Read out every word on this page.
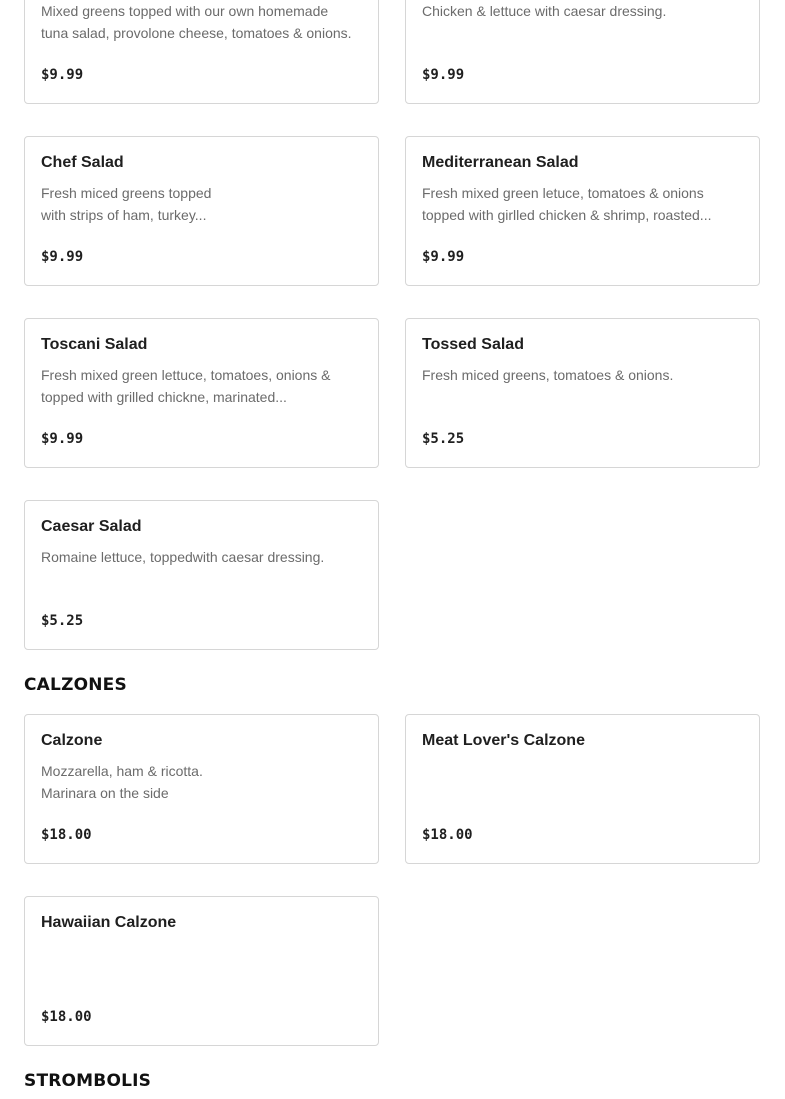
Mixed greens topped with our own homemade
tuna salad, provolone cheese, tomatoes & onions.
$9.99
Chicken & lettuce with caesar dressing.
$9.99
Chef Salad
Fresh miced greens topped
with strips of ham, turkey...
$9.99
Mediterranean Salad
Fresh mixed green letuce, tomatoes & onions
topped with girlled chicken & shrimp, roasted...
$9.99
Toscani Salad
Fresh mixed green lettuce, tomatoes, onions &
topped with grilled chickne, marinated...
$9.99
Tossed Salad
Fresh miced greens, tomatoes & onions.
$5.25
Caesar Salad
Romaine lettuce, toppedwith caesar dressing.
$5.25
CALZONES
Calzone
Mozzarella, ham & ricotta.
Marinara on the side
$18.00
Meat Lover's Calzone
$18.00
Hawaiian Calzone
$18.00
STROMBOLIS
